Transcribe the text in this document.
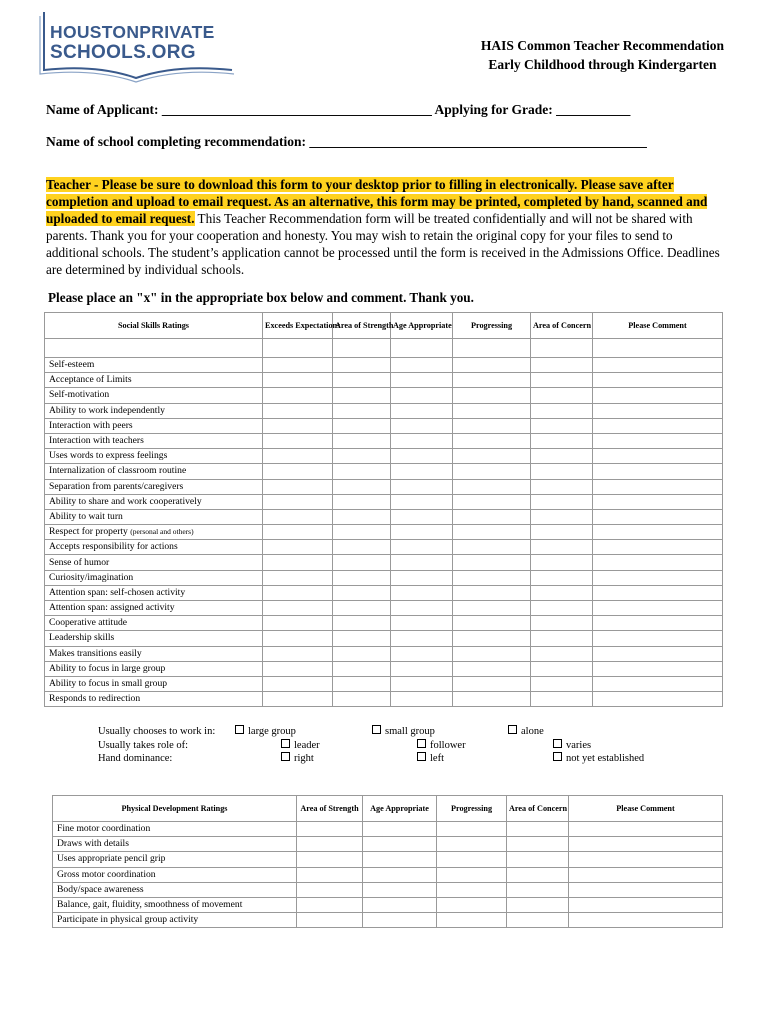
HOUSTONPRIVATE
SCHOOLS.ORG	HAIS Common Teacher Recommendation
Early Childhood through Kindergarten
Name of Applicant: ________________________________________ Applying for Grade: ___________
Name of school completing recommendation: __________________________________________________
Teacher - Please be sure to download this form to your desktop prior to filling in electronically. Please save after completion and upload to email request. As an alternative, this form may be printed, completed by hand, scanned and uploaded to email request. This Teacher Recommendation form will be treated confidentially and will not be shared with parents. Thank you for your cooperation and honesty. You may wish to retain the original copy for your files to send to additional schools. The student’s application cannot be processed until the form is received in the Admissions Office. Deadlines are determined by individual schools.
Please place an "x" in the appropriate box below and comment. Thank you.
Social Skills Ratings	Exceeds Expectations	Area of Strength	Age Appropriate	Progressing	Area of Concern	Please Comment

Self-esteem						
Acceptance of Limits						
Self-motivation						
Ability to work independently						
Interaction with peers						
Interaction with teachers						
Uses words to express feelings						
Internalization of classroom routine						
Separation from parents/caregivers						
Ability to share and work cooperatively						
Ability to wait turn						
Respect for property (personal and others)						
Accepts responsibility for actions						
Sense of humor						
Curiosity/imagination						
Attention span: self-chosen activity						
Attention span: assigned activity						
Cooperative attitude						
Leadership skills						
Makes transitions easily						
Ability to focus in large group						
Ability to focus in small group						
Responds to redirection						
Usually chooses to work in:	large group	small group	alone
Usually takes role of:	leader	follower	varies
Hand dominance:	right	left	not yet established
Physical Development Ratings	Area of Strength	Age Appropriate	Progressing	Area of Concern	Please Comment
Fine motor coordination					
Draws with details					
Uses appropriate pencil grip					
Gross motor coordination					
Body/space awareness					
Balance, gait, fluidity, smoothness of movement					
Participate in physical group activity					
